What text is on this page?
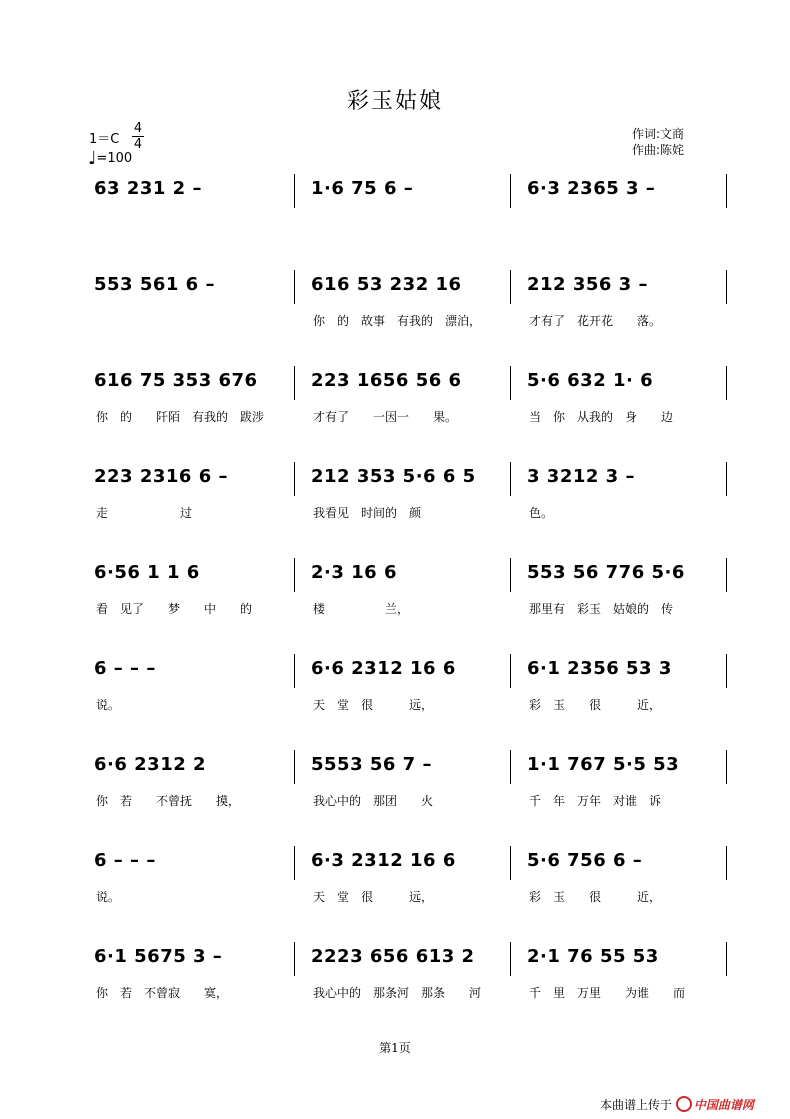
彩玉姑娘
1＝C
4
4
♩=100
作词:文商
作曲:陈姹
63 231 2 –	1·6 75 6 –	6·3 2365 3 –
553 561 6 –	616 53 232 16	212 356 3 –
你　的　故事　有我的　漂泊，	才有了　花开花　　落。
616 75 353 676	223 1656 56 6	5·6 632 1· 6
你　的　　阡陌　有我的　跋涉	才有了　　一因一　　果。	当　你　从我的　身　　边
223 2316 6 –	212 353 5·6 6 5	3 3212 3 –
走　　　　　　过	我看见　时间的　颜	色。
6·56 1 1 6	2·3 16 6	553 56 776 5·6
看　见了　　梦　　中　　的	楼　　　　　兰，	那里有　彩玉　姑娘的　传
6 – – –	6·6 2312 16 6	6·1 2356 53 3
说。	天　堂　很　　　远，	彩　玉　　很　　　近，
6·6 2312 2	5553 56 7 –	1·1 767 5·5 53
你　若　　不曾抚　　摸，	我心中的　那团　　火	千　年　万年　对谁　诉
6 – – –	6·3 2312 16 6	5·6 756 6 –
说。	天　堂　很　　　远，	彩　玉　　很　　　近，
6·1 5675 3 –	2223 656 613 2	2·1 76 55 53
你　若　不曾寂　　寞，	我心中的　那条河　那条　　河	千　里　万里　　为谁　　而
第1页
本曲谱上传于 中国曲谱网
